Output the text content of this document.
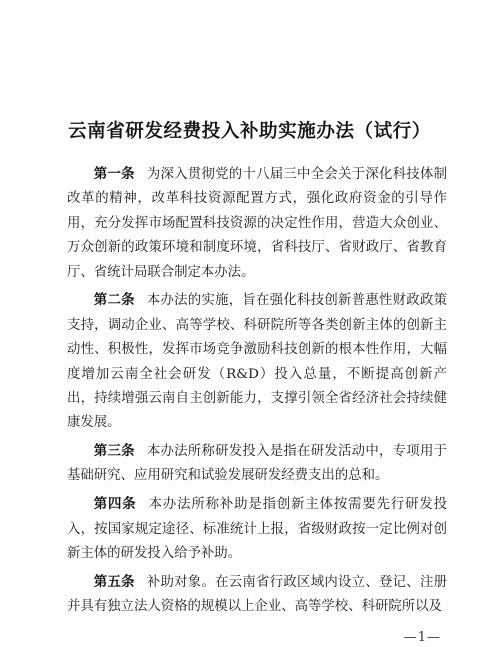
云南省研发经费投入补助实施办法（试行）

第一条 为深入贯彻党的十八届三中全会关于深化科技体制改革的精神，改革科技资源配置方式，强化政府资金的引导作用，充分发挥市场配置科技资源的决定性作用，营造大众创业、万众创新的政策环境和制度环境，省科技厅、省财政厅、省教育厅、省统计局联合制定本办法。

第二条 本办法的实施，旨在强化科技创新普惠性财政政策支持，调动企业、高等学校、科研院所等各类创新主体的创新主动性、积极性，发挥市场竞争激励科技创新的根本性作用，大幅度增加云南全社会研发（R&D）投入总量，不断提高创新产出，持续增强云南自主创新能力，支撑引领全省经济社会持续健康发展。

第三条 本办法所称研发投入是指在研发活动中，专项用于基础研究、应用研究和试验发展研发经费支出的总和。

第四条 本办法所称补助是指创新主体按需要先行研发投入，按国家规定途径、标准统计上报，省级财政按一定比例对创新主体的研发投入给予补助。

第五条 补助对象。在云南省行政区域内设立、登记、注册并具有独立法人资格的规模以上企业、高等学校、科研院所以及

—1—
